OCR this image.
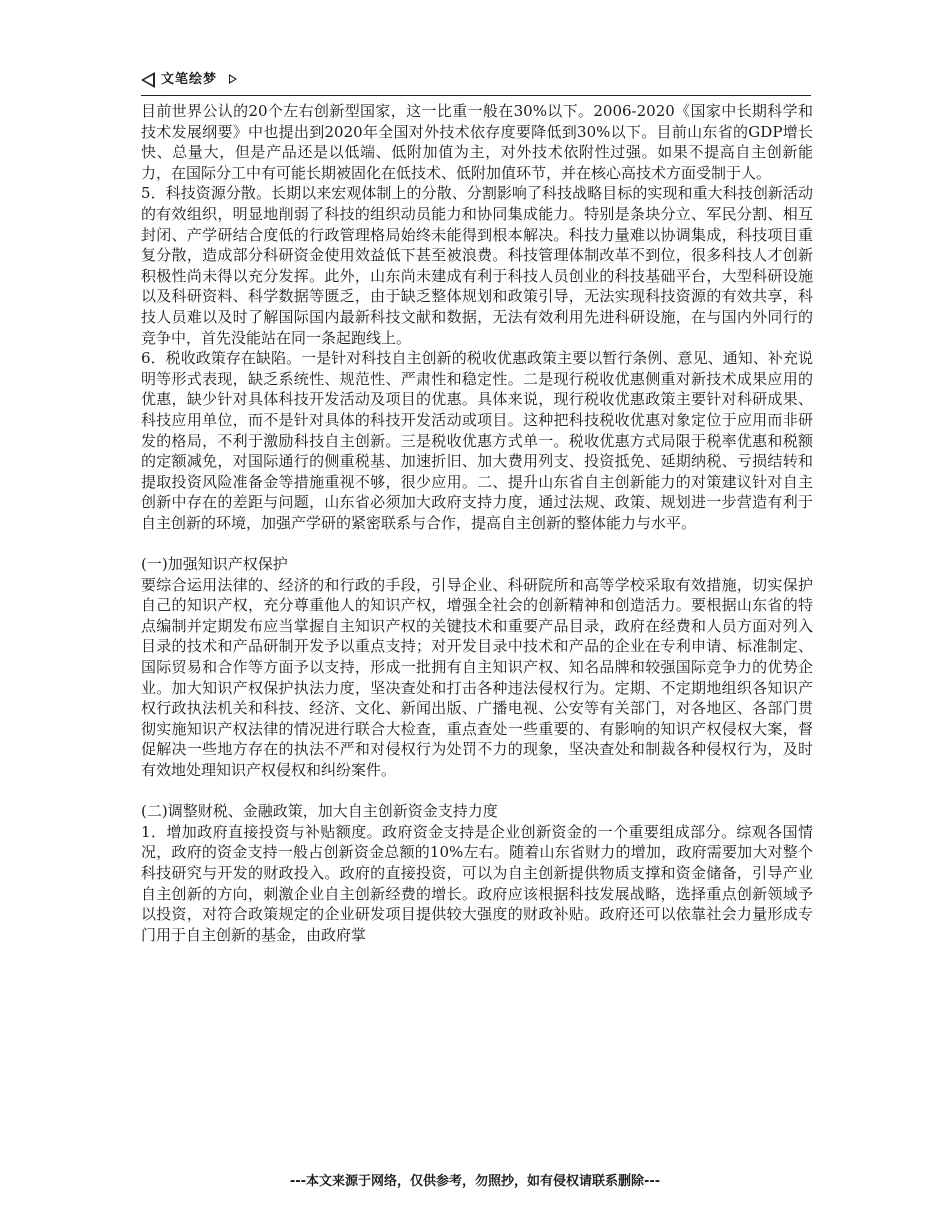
文笔绘梦

目前世界公认的20个左右创新型国家，这一比重一般在30%以下。2006-2020《国家中长期科学和技术发展纲要》中也提出到2020年全国对外技术依存度要降低到30%以下。目前山东省的GDP增长快、总量大，但是产品还是以低端、低附加值为主，对外技术依附性过强。如果不提高自主创新能力，在国际分工中有可能长期被固化在低技术、低附加值环节，并在核心高技术方面受制于人。

5．科技资源分散。长期以来宏观体制上的分散、分割影响了科技战略目标的实现和重大科技创新活动的有效组织，明显地削弱了科技的组织动员能力和协同集成能力。特别是条块分立、军民分割、相互封闭、产学研结合度低的行政管理格局始终未能得到根本解决。科技力量难以协调集成，科技项目重复分散，造成部分科研资金使用效益低下甚至被浪费。科技管理体制改革不到位，很多科技人才创新积极性尚未得以充分发挥。此外，山东尚未建成有利于科技人员创业的科技基础平台，大型科研设施以及科研资料、科学数据等匮乏，由于缺乏整体规划和政策引导，无法实现科技资源的有效共享，科技人员难以及时了解国际国内最新科技文献和数据，无法有效利用先进科研设施，在与国内外同行的竞争中，首先没能站在同一条起跑线上。

6．税收政策存在缺陷。一是针对科技自主创新的税收优惠政策主要以暂行条例、意见、通知、补充说明等形式表现，缺乏系统性、规范性、严肃性和稳定性。二是现行税收优惠侧重对新技术成果应用的优惠，缺少针对具体科技开发活动及项目的优惠。具体来说，现行税收优惠政策主要针对科研成果、科技应用单位，而不是针对具体的科技开发活动或项目。这种把科技税收优惠对象定位于应用而非研发的格局，不利于激励科技自主创新。三是税收优惠方式单一。税收优惠方式局限于税率优惠和税额的定额减免，对国际通行的侧重税基、加速折旧、加大费用列支、投资抵免、延期纳税、亏损结转和提取投资风险准备金等措施重视不够，很少应用。二、提升山东省自主创新能力的对策建议针对自主创新中存在的差距与问题，山东省必须加大政府支持力度，通过法规、政策、规划进一步营造有利于自主创新的环境，加强产学研的紧密联系与合作，提高自主创新的整体能力与水平。

(一)加强知识产权保护

要综合运用法律的、经济的和行政的手段，引导企业、科研院所和高等学校采取有效措施，切实保护自己的知识产权，充分尊重他人的知识产权，增强全社会的创新精神和创造活力。要根据山东省的特点编制并定期发布应当掌握自主知识产权的关键技术和重要产品目录，政府在经费和人员方面对列入目录的技术和产品研制开发予以重点支持；对开发目录中技术和产品的企业在专利申请、标准制定、国际贸易和合作等方面予以支持，形成一批拥有自主知识产权、知名品牌和较强国际竞争力的优势企业。加大知识产权保护执法力度，坚决查处和打击各种违法侵权行为。定期、不定期地组织各知识产权行政执法机关和科技、经济、文化、新闻出版、广播电视、公安等有关部门，对各地区、各部门贯彻实施知识产权法律的情况进行联合大检查，重点查处一些重要的、有影响的知识产权侵权大案，督促解决一些地方存在的执法不严和对侵权行为处罚不力的现象，坚决查处和制裁各种侵权行为，及时有效地处理知识产权侵权和纠纷案件。

(二)调整财税、金融政策，加大自主创新资金支持力度

1．增加政府直接投资与补贴额度。政府资金支持是企业创新资金的一个重要组成部分。综观各国情况，政府的资金支持一般占创新资金总额的10%左右。随着山东省财力的增加，政府需要加大对整个科技研究与开发的财政投入。政府的直接投资，可以为自主创新提供物质支撑和资金储备，引导产业自主创新的方向，刺激企业自主创新经费的增长。政府应该根据科技发展战略，选择重点创新领域予以投资，对符合政策规定的企业研发项目提供较大强度的财政补贴。政府还可以依靠社会力量形成专门用于自主创新的基金，由政府掌

---本文来源于网络，仅供参考，勿照抄，如有侵权请联系删除---
